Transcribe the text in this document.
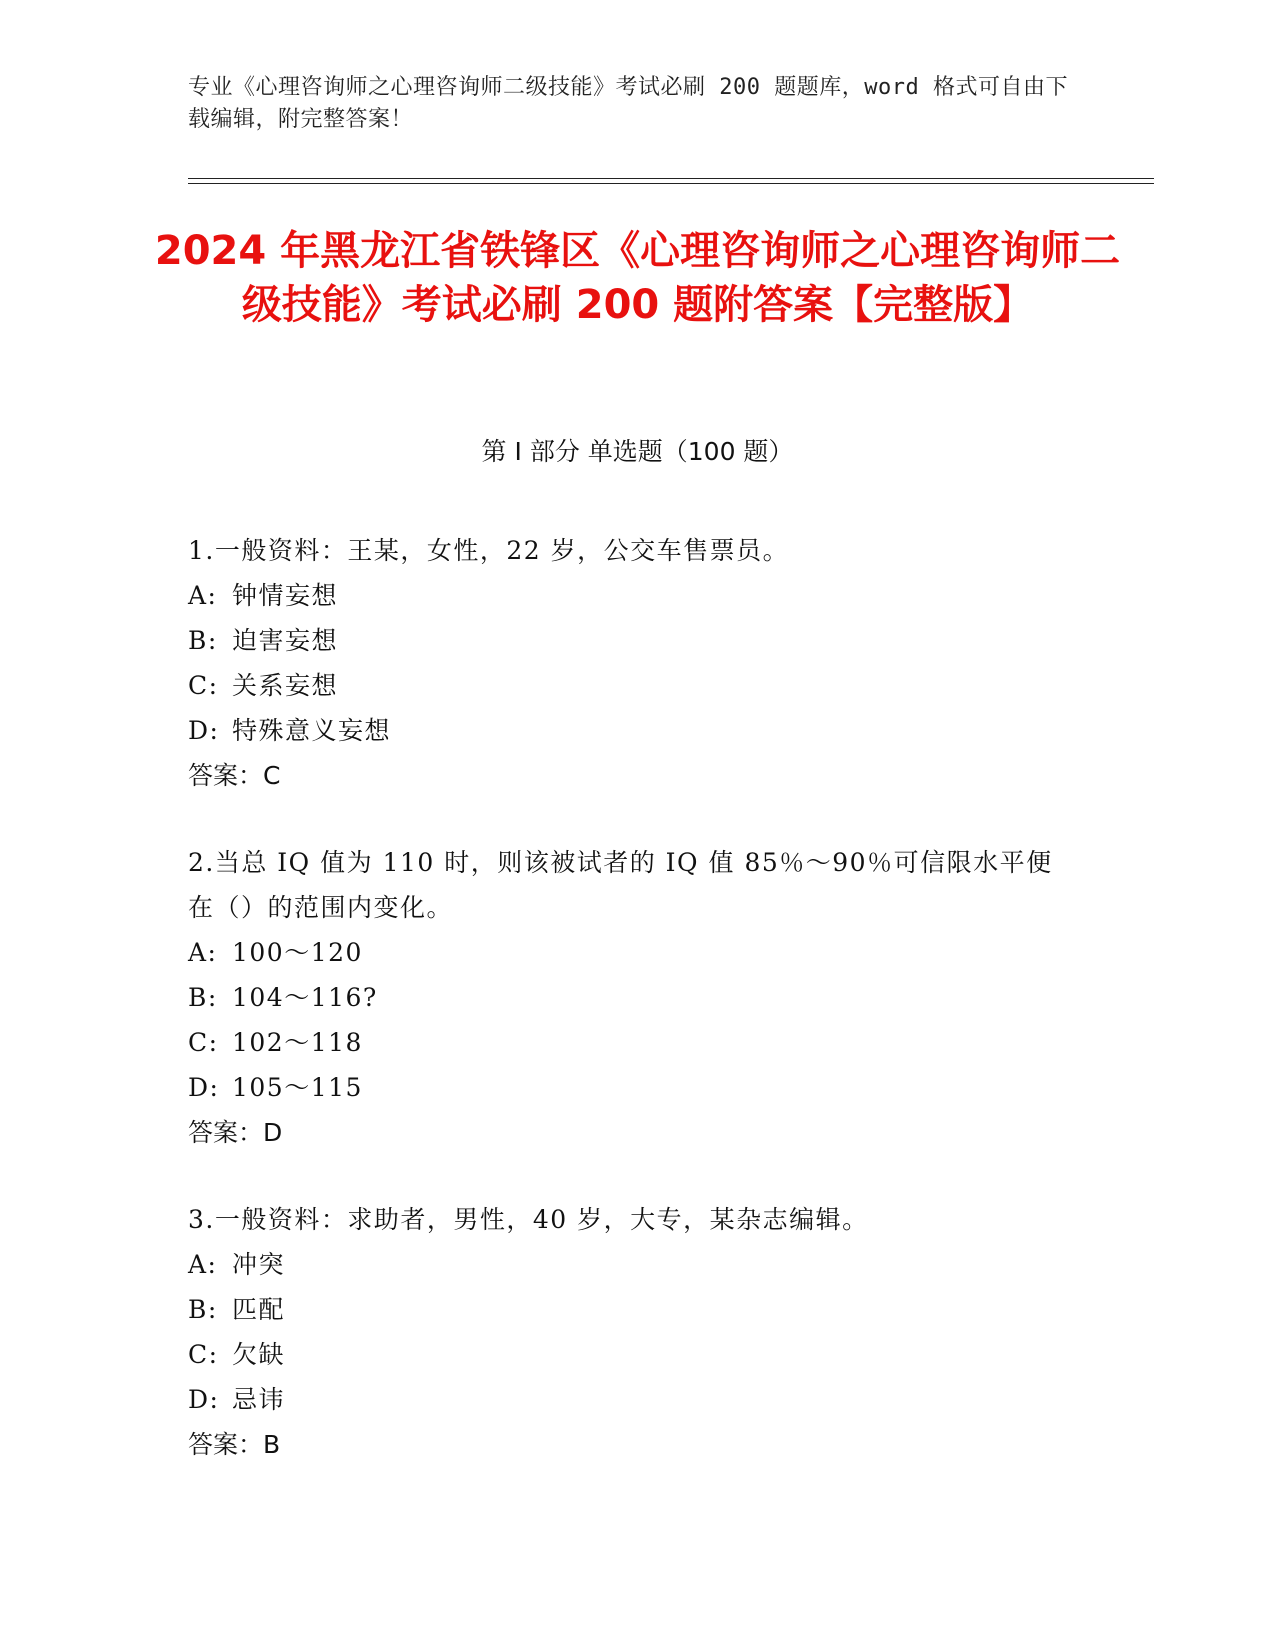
专业《心理咨询师之心理咨询师二级技能》考试必刷 200 题题库，word 格式可自由下载编辑，附完整答案！
2024 年黑龙江省铁锋区《心理咨询师之心理咨询师二级技能》考试必刷 200 题附答案【完整版】
第 I 部分 单选题（100 题）
1.一般资料：王某，女性，22 岁，公交车售票员。
A: 钟情妄想
B: 迫害妄想
C: 关系妄想
D: 特殊意义妄想
答案：C
2.当总 IQ 值为 110 时，则该被试者的 IQ 值 85％～90％可信限水平便在（）的范围内变化。
A: 100～120
B: 104～116?
C: 102～118
D: 105～115
答案：D
3.一般资料：求助者，男性，40 岁，大专，某杂志编辑。
A: 冲突
B: 匹配
C: 欠缺
D: 忌讳
答案：B
